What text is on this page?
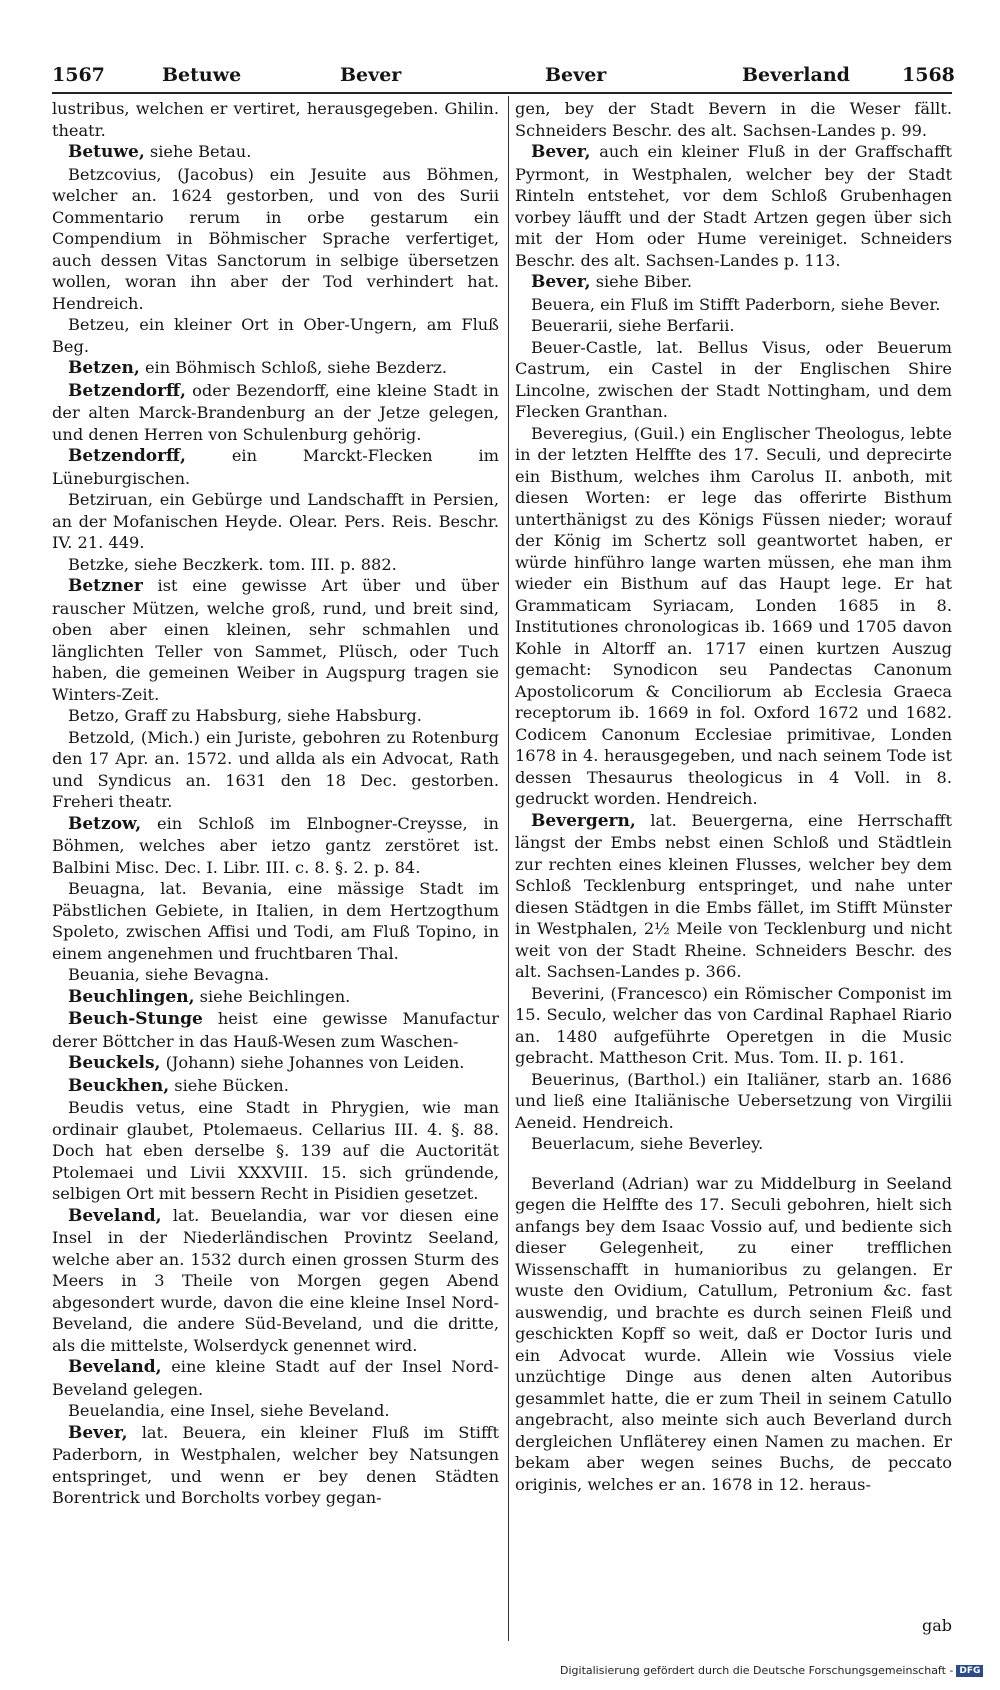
1567	Betuwe	Bever	Bever	Beverland	1568

lustribus, welchen er vertiret, herausgegeben. Ghilin. theatr.

Betuwe, siehe Betau.

Betzcovius, (Jacobus) ein Jesuite aus Böhmen, welcher an. 1624 gestorben, und von des Surii Commentario rerum in orbe gestarum ein Compendium in Böhmischer Sprache verfertiget, auch dessen Vitas Sanctorum in selbige übersetzen wollen, woran ihn aber der Tod verhindert hat. Hendreich.

Betzeu, ein kleiner Ort in Ober-Ungern, am Fluß Beg.

Betzen, ein Böhmisch Schloß, siehe Bezderz.

Betzendorff, oder Bezendorff, eine kleine Stadt in der alten Marck-Brandenburg an der Jetze gelegen, und denen Herren von Schulenburg gehörig.

Betzendorff,	ein Marckt-Flecken im Lüneburgischen.

Betziruan, ein Gebürge und Landschafft in Persien, an der Mofanischen Heyde. Olear. Pers. Reis. Beschr. IV. 21. 449.

Betzke, siehe Beczkerk. tom. III. p. 882.

Betzner ist eine gewisse Art über und über rauscher Mützen, welche groß, rund, und breit sind, oben aber einen kleinen, sehr schmahlen und länglichten Teller von Sammet, Plüsch, oder Tuch haben, die gemeinen Weiber in Augspurg tragen sie Winters-Zeit.

Betzo, Graff zu Habsburg, siehe Habsburg.

Betzold, (Mich.) ein Juriste, gebohren zu Rotenburg den 17 Apr. an. 1572. und allda als ein Advocat, Rath und Syndicus an. 1631 den 18 Dec. gestorben. Freheri theatr.

Betzow, ein Schloß im Elnbogner-Creysse, in Böhmen, welches aber ietzo gantz zerstöret ist. Balbini Misc. Dec. I. Libr. III. c. 8. §. 2. p. 84.

Beuagna, lat. Bevania, eine mässige Stadt im Päbstlichen Gebiete, in Italien, in dem Hertzogthum Spoleto, zwischen Affisi und Todi, am Fluß Topino, in einem angenehmen und fruchtbaren Thal.

Beuania, siehe Bevagna.

Beuchlingen, siehe Beichlingen.

Beuch-Stunge heist eine gewisse Manufactur derer Böttcher in das Hauß-Wesen zum Waschen-

Beuckels, (Johann) siehe Johannes von Leiden.

Beuckhen, siehe Bücken.

Beudis vetus, eine Stadt in Phrygien, wie man ordinair glaubet, Ptolemaeus. Cellarius III. 4. §. 88. Doch hat eben derselbe §. 139 auf die Auctorität Ptolemaei und Livii XXXVIII. 15. sich gründende, selbigen Ort mit bessern Recht in Pisidien gesetzet.

Beveland, lat. Beuelandia, war vor diesen eine Insel in der Niederländischen Provintz Seeland, welche aber an. 1532 durch einen grossen Sturm des Meers in 3 Theile von Morgen gegen Abend abgesondert wurde, davon die eine kleine Insel Nord-Beveland, die andere Süd-Beveland, und die dritte, als die mittelste, Wolserdyck genennet wird.

Beveland, eine kleine Stadt auf der Insel Nord-Beveland gelegen.

Beuelandia, eine Insel, siehe Beveland.

Bever, lat. Beuera, ein kleiner Fluß im Stifft Paderborn, in Westphalen, welcher bey Natsungen entspringet, und wenn er bey denen Städten Borentrick und Borcholts vorbey gegan-

gen, bey der Stadt Bevern in die Weser fällt. Schneiders Beschr. des alt. Sachsen-Landes p. 99.

Bever, auch ein kleiner Fluß in der Graffschafft Pyrmont, in Westphalen, welcher bey der Stadt Rinteln entstehet, vor dem Schloß Grubenhagen vorbey läufft und der Stadt Artzen gegen über sich mit der Hom oder Hume vereiniget. Schneiders Beschr. des alt. Sachsen-Landes p. 113.

Bever, siehe Biber.

Beuera, ein Fluß im Stifft Paderborn, siehe Bever.

Beuerarii, siehe Berfarii.

Beuer-Castle, lat. Bellus Visus, oder Beuerum Castrum, ein Castel in der Englischen Shire Lincolne, zwischen der Stadt Nottingham, und dem Flecken Granthan.

Beveregius, (Guil.) ein Englischer Theologus, lebte in der letzten Helffte des 17. Seculi, und deprecirte ein Bisthum, welches ihm Carolus II. anboth, mit diesen Worten: er lege das offerirte Bisthum unterthänigst zu des Königs Füssen nieder; worauf der König im Schertz soll geantwortet haben, er würde hinführo lange warten müssen, ehe man ihm wieder ein Bisthum auf das Haupt lege. Er hat Grammaticam Syriacam, Londen 1685 in 8. Institutiones chronologicas ib. 1669 und 1705 davon Kohle in Altorff an. 1717 einen kurtzen Auszug gemacht: Synodicon seu Pandectas Canonum Apostolicorum & Conciliorum ab Ecclesia Graeca receptorum ib. 1669 in fol. Oxford 1672 und 1682. Codicem Canonum Ecclesiae primitivae, Londen 1678 in 4. herausgegeben, und nach seinem Tode ist dessen Thesaurus theologicus in 4 Voll. in 8. gedruckt worden. Hendreich.

Bevergern, lat. Beuergerna, eine Herrschafft längst der Embs nebst einen Schloß und Städtlein zur rechten eines kleinen Flusses, welcher bey dem Schloß Tecklenburg entspringet, und nahe unter diesen Städtgen in die Embs fället, im Stifft Münster in Westphalen, 2½ Meile von Tecklenburg und nicht weit von der Stadt Rheine. Schneiders Beschr. des alt. Sachsen-Landes p. 366.

Beverini, (Francesco) ein Römischer Componist im 15. Seculo, welcher das von Cardinal Raphael Riario an. 1480 aufgeführte Operetgen in die Music gebracht. Mattheson Crit. Mus. Tom. II. p. 161.

Beuerinus, (Barthol.) ein Italiäner, starb an. 1686 und ließ eine Italiänische Uebersetzung von Virgilii Aeneid. Hendreich.

Beuerlacum, siehe Beverley.

Beverland (Adrian) war zu Middelburg in Seeland gegen die Helffte des 17. Seculi gebohren, hielt sich anfangs bey dem Isaac Vossio auf, und bediente sich dieser Gelegenheit, zu einer trefflichen Wissenschafft in humanioribus zu gelangen. Er wuste den Ovidium, Catullum, Petronium &c. fast auswendig, und brachte es durch seinen Fleiß und geschickten Kopff so weit, daß er Doctor Iuris und ein Advocat wurde. Allein wie Vossius viele unzüchtige Dinge aus denen alten Autoribus gesammlet hatte, die er zum Theil in seinem Catullo angebracht, also meinte sich auch Beverland durch dergleichen Unfläterey einen Namen zu machen. Er bekam aber wegen seines Buchs, de peccato originis, welches er an. 1678 in 12. heraus-

gab
Digitalisierung gefördert durch die Deutsche Forschungsgemeinschaft - DFG
